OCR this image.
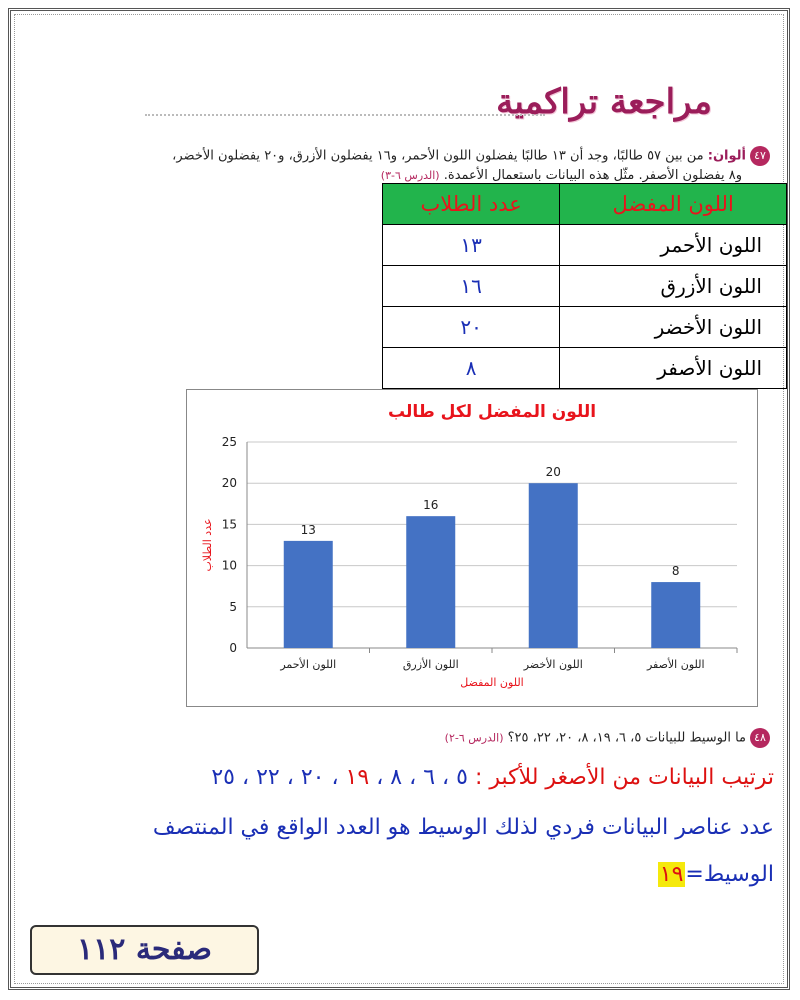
مراجعة تراكمية
٤٧ألوان: من بين ٥٧ طالبًا، وجد أن ١٣ طالبًا يفضلون اللون الأحمر، و١٦ يفضلون الأزرق، و٢٠ يفضلون الأخضر،
و٨ يفضلون الأصفر. مثّل هذه البيانات باستعمال الأعمدة. (الدرس ٦-٣)
اللون المفضل	عدد الطلاب
اللون الأحمر	١٣
اللون الأزرق	١٦
اللون الأخضر	٢٠
اللون الأصفر	٨
اللون المفضل لكل طالب
0
5
10
15
20
25
13
اللون الأحمر
16
اللون الأزرق
20
اللون الأخضر
8
اللون الأصفر
اللون المفضل
عدد الطلاب
٤٨ما الوسيط للبيانات ٥، ٦، ١٩، ٨، ٢٠، ٢٢، ٢٥؟ (الدرس ٦-٢)
ترتيب البيانات من الأصغر للأكبر : ٥ ، ٦ ، ٨ ، ١٩ ، ٢٠ ، ٢٢ ، ٢٥
عدد عناصر البيانات فردي لذلك الوسيط هو العدد الواقع في المنتصف
الوسيط=١٩
صفحة ١١٢
